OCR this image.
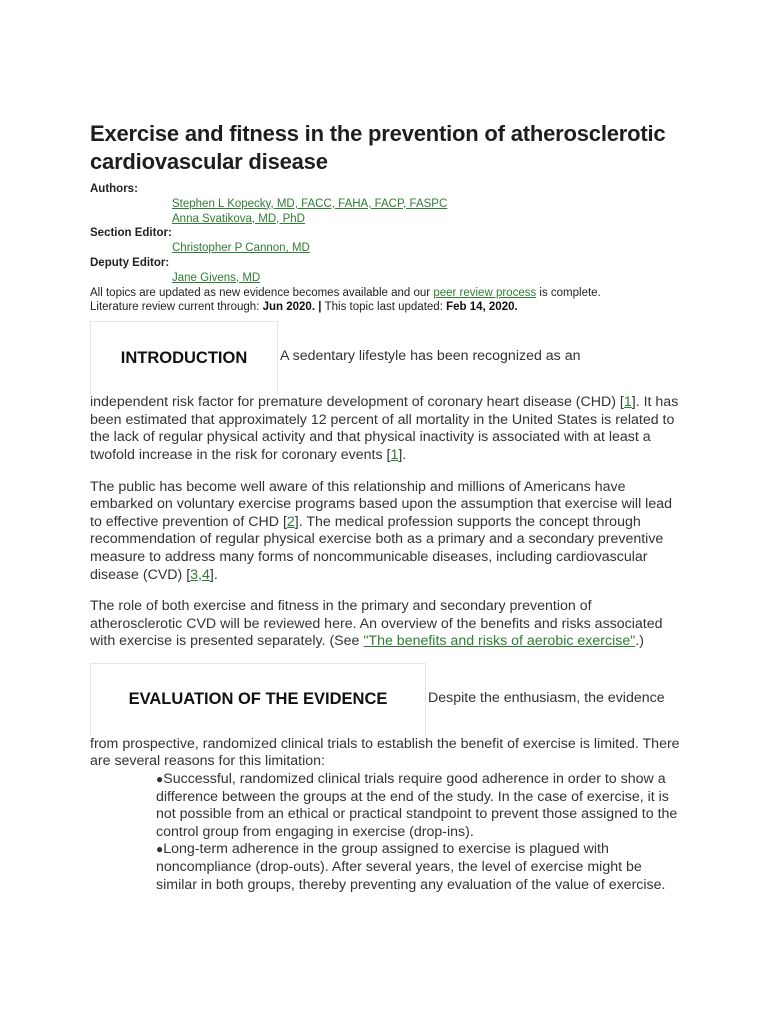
Exercise and fitness in the prevention of atherosclerotic cardiovascular disease
Authors:
Stephen L Kopecky, MD, FACC, FAHA, FACP, FASPC
Anna Svatikova, MD, PhD
Section Editor:
Christopher P Cannon, MD
Deputy Editor:
Jane Givens, MD
All topics are updated as new evidence becomes available and our peer review process is complete.
Literature review current through: Jun 2020. | This topic last updated: Feb 14, 2020.
INTRODUCTION A sedentary lifestyle has been recognized as an

independent risk factor for premature development of coronary heart disease (CHD) [1]. It has been estimated that approximately 12 percent of all mortality in the United States is related to the lack of regular physical activity and that physical inactivity is associated with at least a twofold increase in the risk for coronary events [1].

The public has become well aware of this relationship and millions of Americans have embarked on voluntary exercise programs based upon the assumption that exercise will lead to effective prevention of CHD [2]. The medical profession supports the concept through recommendation of regular physical exercise both as a primary and a secondary preventive measure to address many forms of noncommunicable diseases, including cardiovascular disease (CVD) [3,4].

The role of both exercise and fitness in the primary and secondary prevention of atherosclerotic CVD will be reviewed here. An overview of the benefits and risks associated with exercise is presented separately. (See "The benefits and risks of aerobic exercise".)

EVALUATION OF THE EVIDENCE	Despite the enthusiasm, the evidence

from prospective, randomized clinical trials to establish the benefit of exercise is limited. There are several reasons for this limitation:

●Successful, randomized clinical trials require good adherence in order to show a difference between the groups at the end of the study. In the case of exercise, it is not possible from an ethical or practical standpoint to prevent those assigned to the control group from engaging in exercise (drop-ins).
●Long-term adherence in the group assigned to exercise is plagued with noncompliance (drop-outs). After several years, the level of exercise might be similar in both groups, thereby preventing any evaluation of the value of exercise.
